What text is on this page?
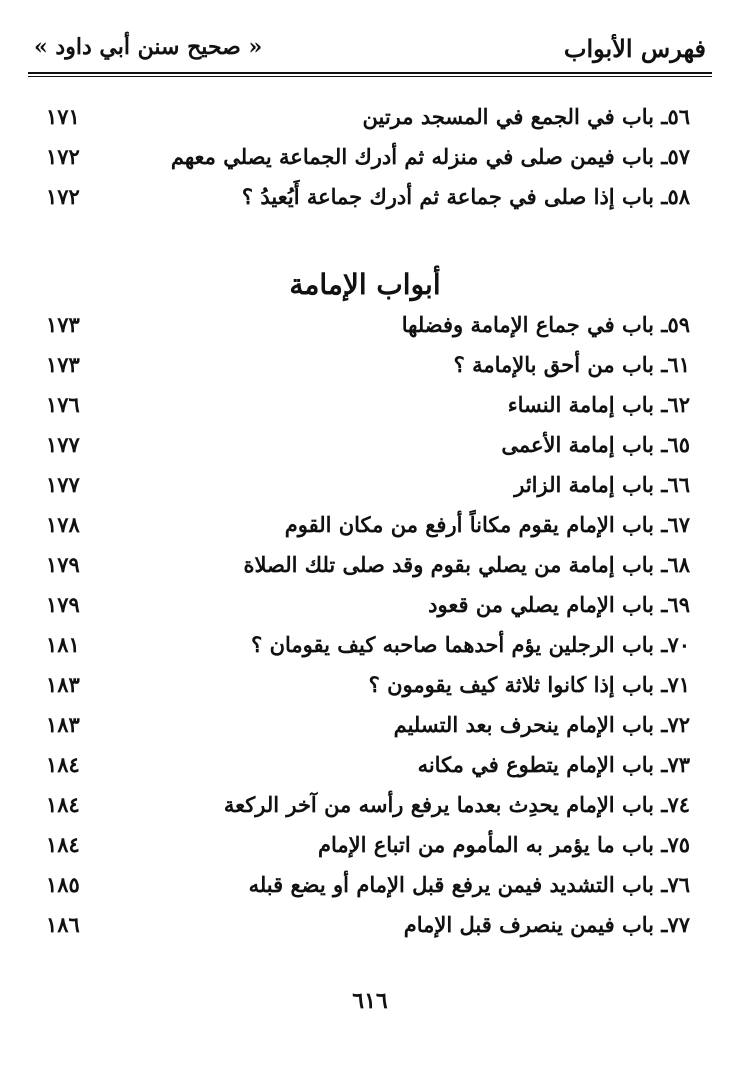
« صحيح سنن أبي داود »	فهرس الأبواب
٥٦ـ باب في الجمع في المسجد مرتين
١٧١
٥٧ـ باب فيمن صلى في منزله ثم أدرك الجماعة يصلي معهم
١٧٢
٥٨ـ باب إذا صلى في جماعة ثم أدرك جماعة أَيُعيدُ ؟
١٧٢
أبواب الإمامة
٥٩ـ باب في جماع الإمامة وفضلها
١٧٣
٦١ـ باب من أحق بالإمامة ؟
١٧٣
٦٢ـ باب إمامة النساء
١٧٦
٦٥ـ باب إمامة الأعمى
١٧٧
٦٦ـ باب إمامة الزائر
١٧٧
٦٧ـ باب الإمام يقوم مكاناً أرفع من مكان القوم
١٧٨
٦٨ـ باب إمامة من يصلي بقوم وقد صلى تلك الصلاة
١٧٩
٦٩ـ باب الإمام يصلي من قعود
١٧٩
٧٠ـ باب الرجلين يؤم أحدهما صاحبه كيف يقومان ؟
١٨١
٧١ـ باب إذا كانوا ثلاثة كيف يقومون ؟
١٨٣
٧٢ـ باب الإمام ينحرف بعد التسليم
١٨٣
٧٣ـ باب الإمام يتطوع في مكانه
١٨٤
٧٤ـ باب الإمام يحدِث بعدما يرفع رأسه من آخر الركعة
١٨٤
٧٥ـ باب ما يؤمر به المأموم من اتباع الإمام
١٨٤
٧٦ـ باب التشديد فيمن يرفع قبل الإمام أو يضع قبله
١٨٥
٧٧ـ باب فيمن ينصرف قبل الإمام
١٨٦
٦١٦
